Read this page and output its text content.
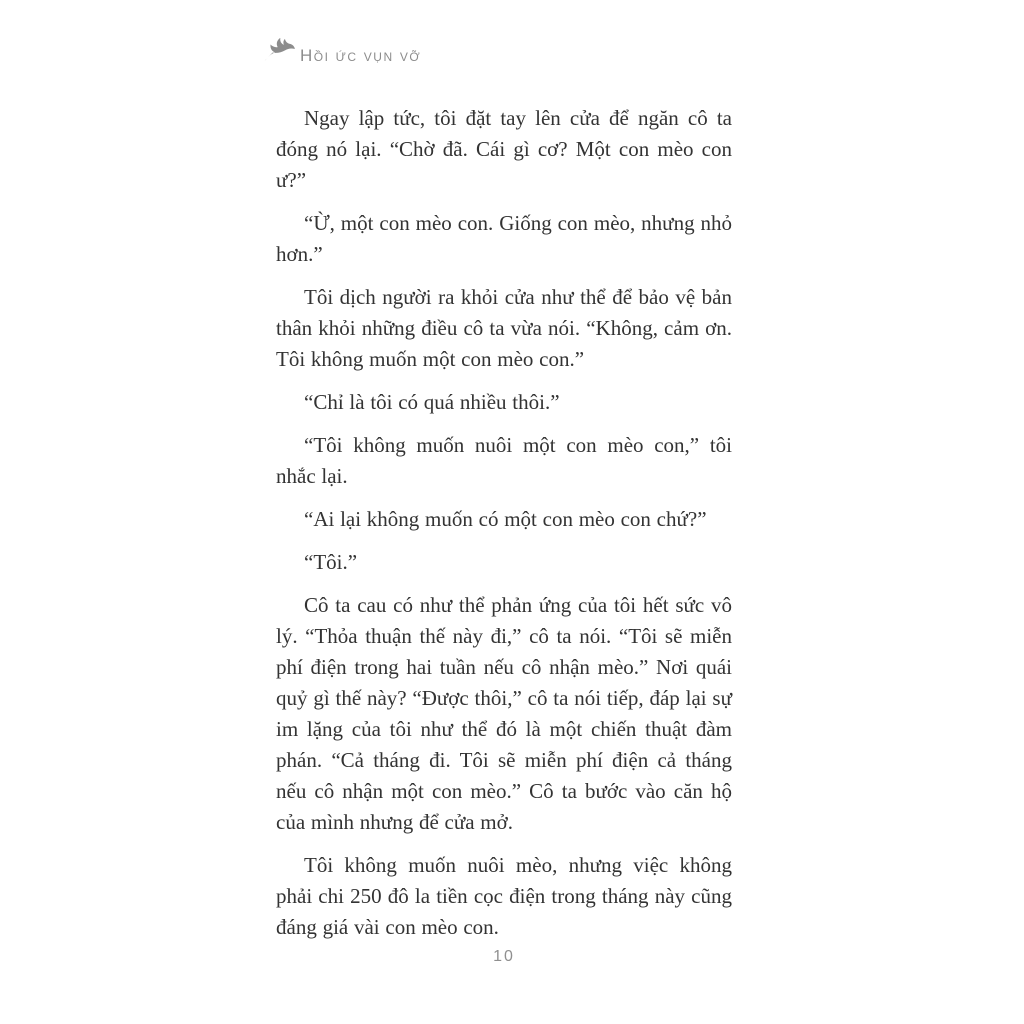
Hồi ức vụn vỡ

Ngay lập tức, tôi đặt tay lên cửa để ngăn cô ta đóng nó lại. “Chờ đã. Cái gì cơ? Một con mèo con ư?”

“Ừ, một con mèo con. Giống con mèo, nhưng nhỏ hơn.”

Tôi dịch người ra khỏi cửa như thể để bảo vệ bản thân khỏi những điều cô ta vừa nói. “Không, cảm ơn. Tôi không muốn một con mèo con.”

“Chỉ là tôi có quá nhiều thôi.”

“Tôi không muốn nuôi một con mèo con,” tôi nhắc lại.

“Ai lại không muốn có một con mèo con chứ?”

“Tôi.”

Cô ta cau có như thể phản ứng của tôi hết sức vô lý. “Thỏa thuận thế này đi,” cô ta nói. “Tôi sẽ miễn phí điện trong hai tuần nếu cô nhận mèo.” Nơi quái quỷ gì thế này? “Được thôi,” cô ta nói tiếp, đáp lại sự im lặng của tôi như thể đó là một chiến thuật đàm phán. “Cả tháng đi. Tôi sẽ miễn phí điện cả tháng nếu cô nhận một con mèo.” Cô ta bước vào căn hộ của mình nhưng để cửa mở.

Tôi không muốn nuôi mèo, nhưng việc không phải chi 250 đô la tiền cọc điện trong tháng này cũng đáng giá vài con mèo con.

10
